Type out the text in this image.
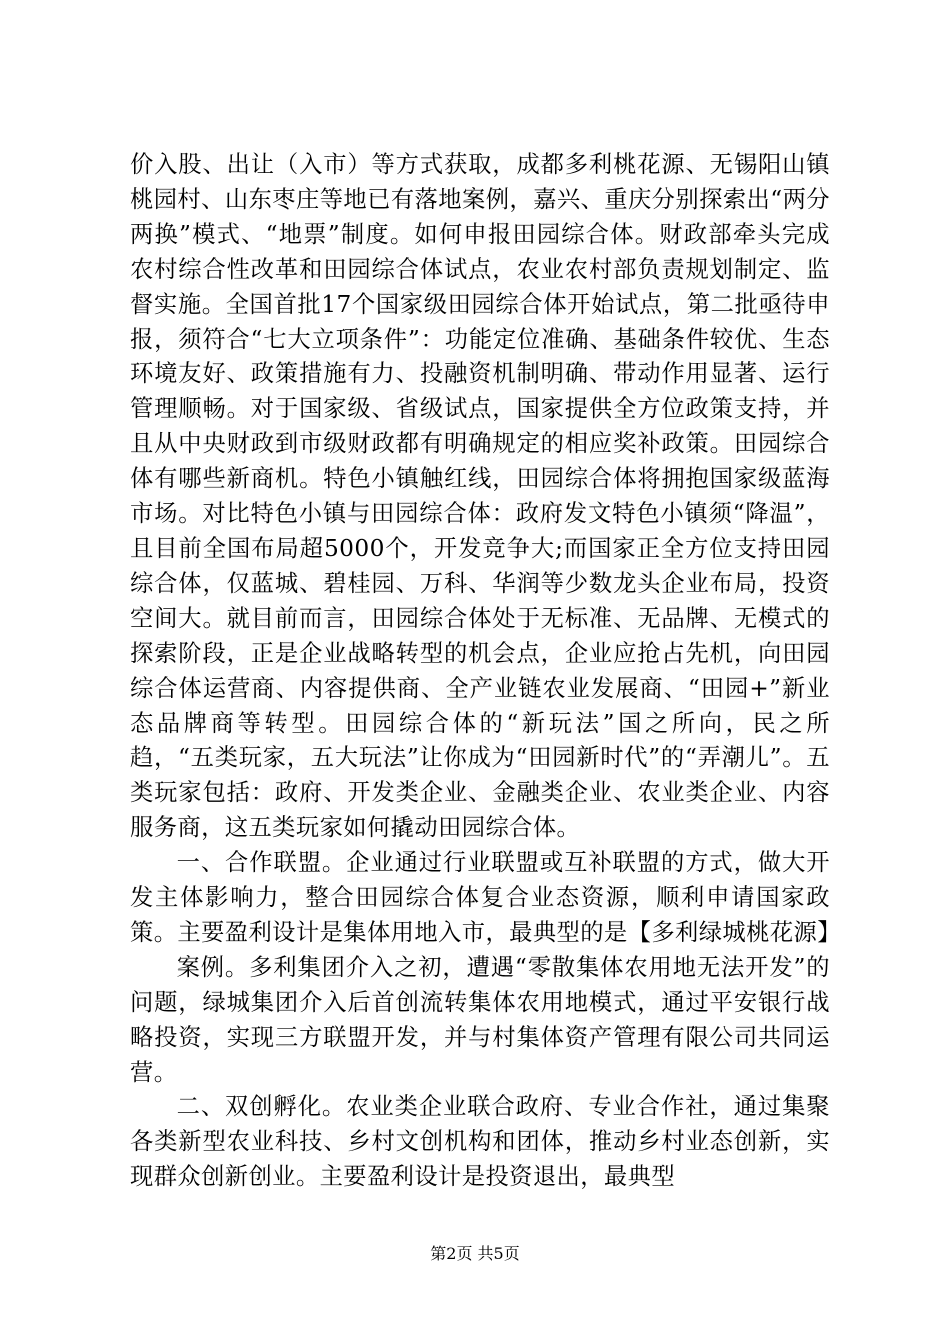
价入股、出让（入市）等方式获取，成都多利桃花源、无锡阳山镇桃园村、山东枣庄等地已有落地案例，嘉兴、重庆分别探索出“两分两换”模式、“地票”制度。如何申报田园综合体。财政部牵头完成农村综合性改革和田园综合体试点，农业农村部负责规划制定、监督实施。全国首批17个国家级田园综合体开始试点，第二批亟待申报，须符合“七大立项条件”：功能定位准确、基础条件较优、生态环境友好、政策措施有力、投融资机制明确、带动作用显著、运行管理顺畅。对于国家级、省级试点，国家提供全方位政策支持，并且从中央财政到市级财政都有明确规定的相应奖补政策。田园综合体有哪些新商机。特色小镇触红线，田园综合体将拥抱国家级蓝海市场。对比特色小镇与田园综合体：政府发文特色小镇须“降温”，且目前全国布局超5000个，开发竞争大;而国家正全方位支持田园综合体，仅蓝城、碧桂园、万科、华润等少数龙头企业布局，投资空间大。就目前而言，田园综合体处于无标准、无品牌、无模式的探索阶段，正是企业战略转型的机会点，企业应抢占先机，向田园综合体运营商、内容提供商、全产业链农业发展商、“田园+”新业态品牌商等转型。田园综合体的“新玩法”国之所向，民之所趋，“五类玩家，五大玩法”让你成为“田园新时代”的“弄潮儿”。五类玩家包括：政府、开发类企业、金融类企业、农业类企业、内容服务商，这五类玩家如何撬动田园综合体。

一、合作联盟。企业通过行业联盟或互补联盟的方式，做大开发主体影响力，整合田园综合体复合业态资源，顺利申请国家政策。主要盈利设计是集体用地入市，最典型的是【多利绿城桃花源】

案例。多利集团介入之初，遭遇“零散集体农用地无法开发”的问题，绿城集团介入后首创流转集体农用地模式，通过平安银行战略投资，实现三方联盟开发，并与村集体资产管理有限公司共同运营。

二、双创孵化。农业类企业联合政府、专业合作社，通过集聚各类新型农业科技、乡村文创机构和团体，推动乡村业态创新，实现群众创新创业。主要盈利设计是投资退出，最典型

第2页 共5页
